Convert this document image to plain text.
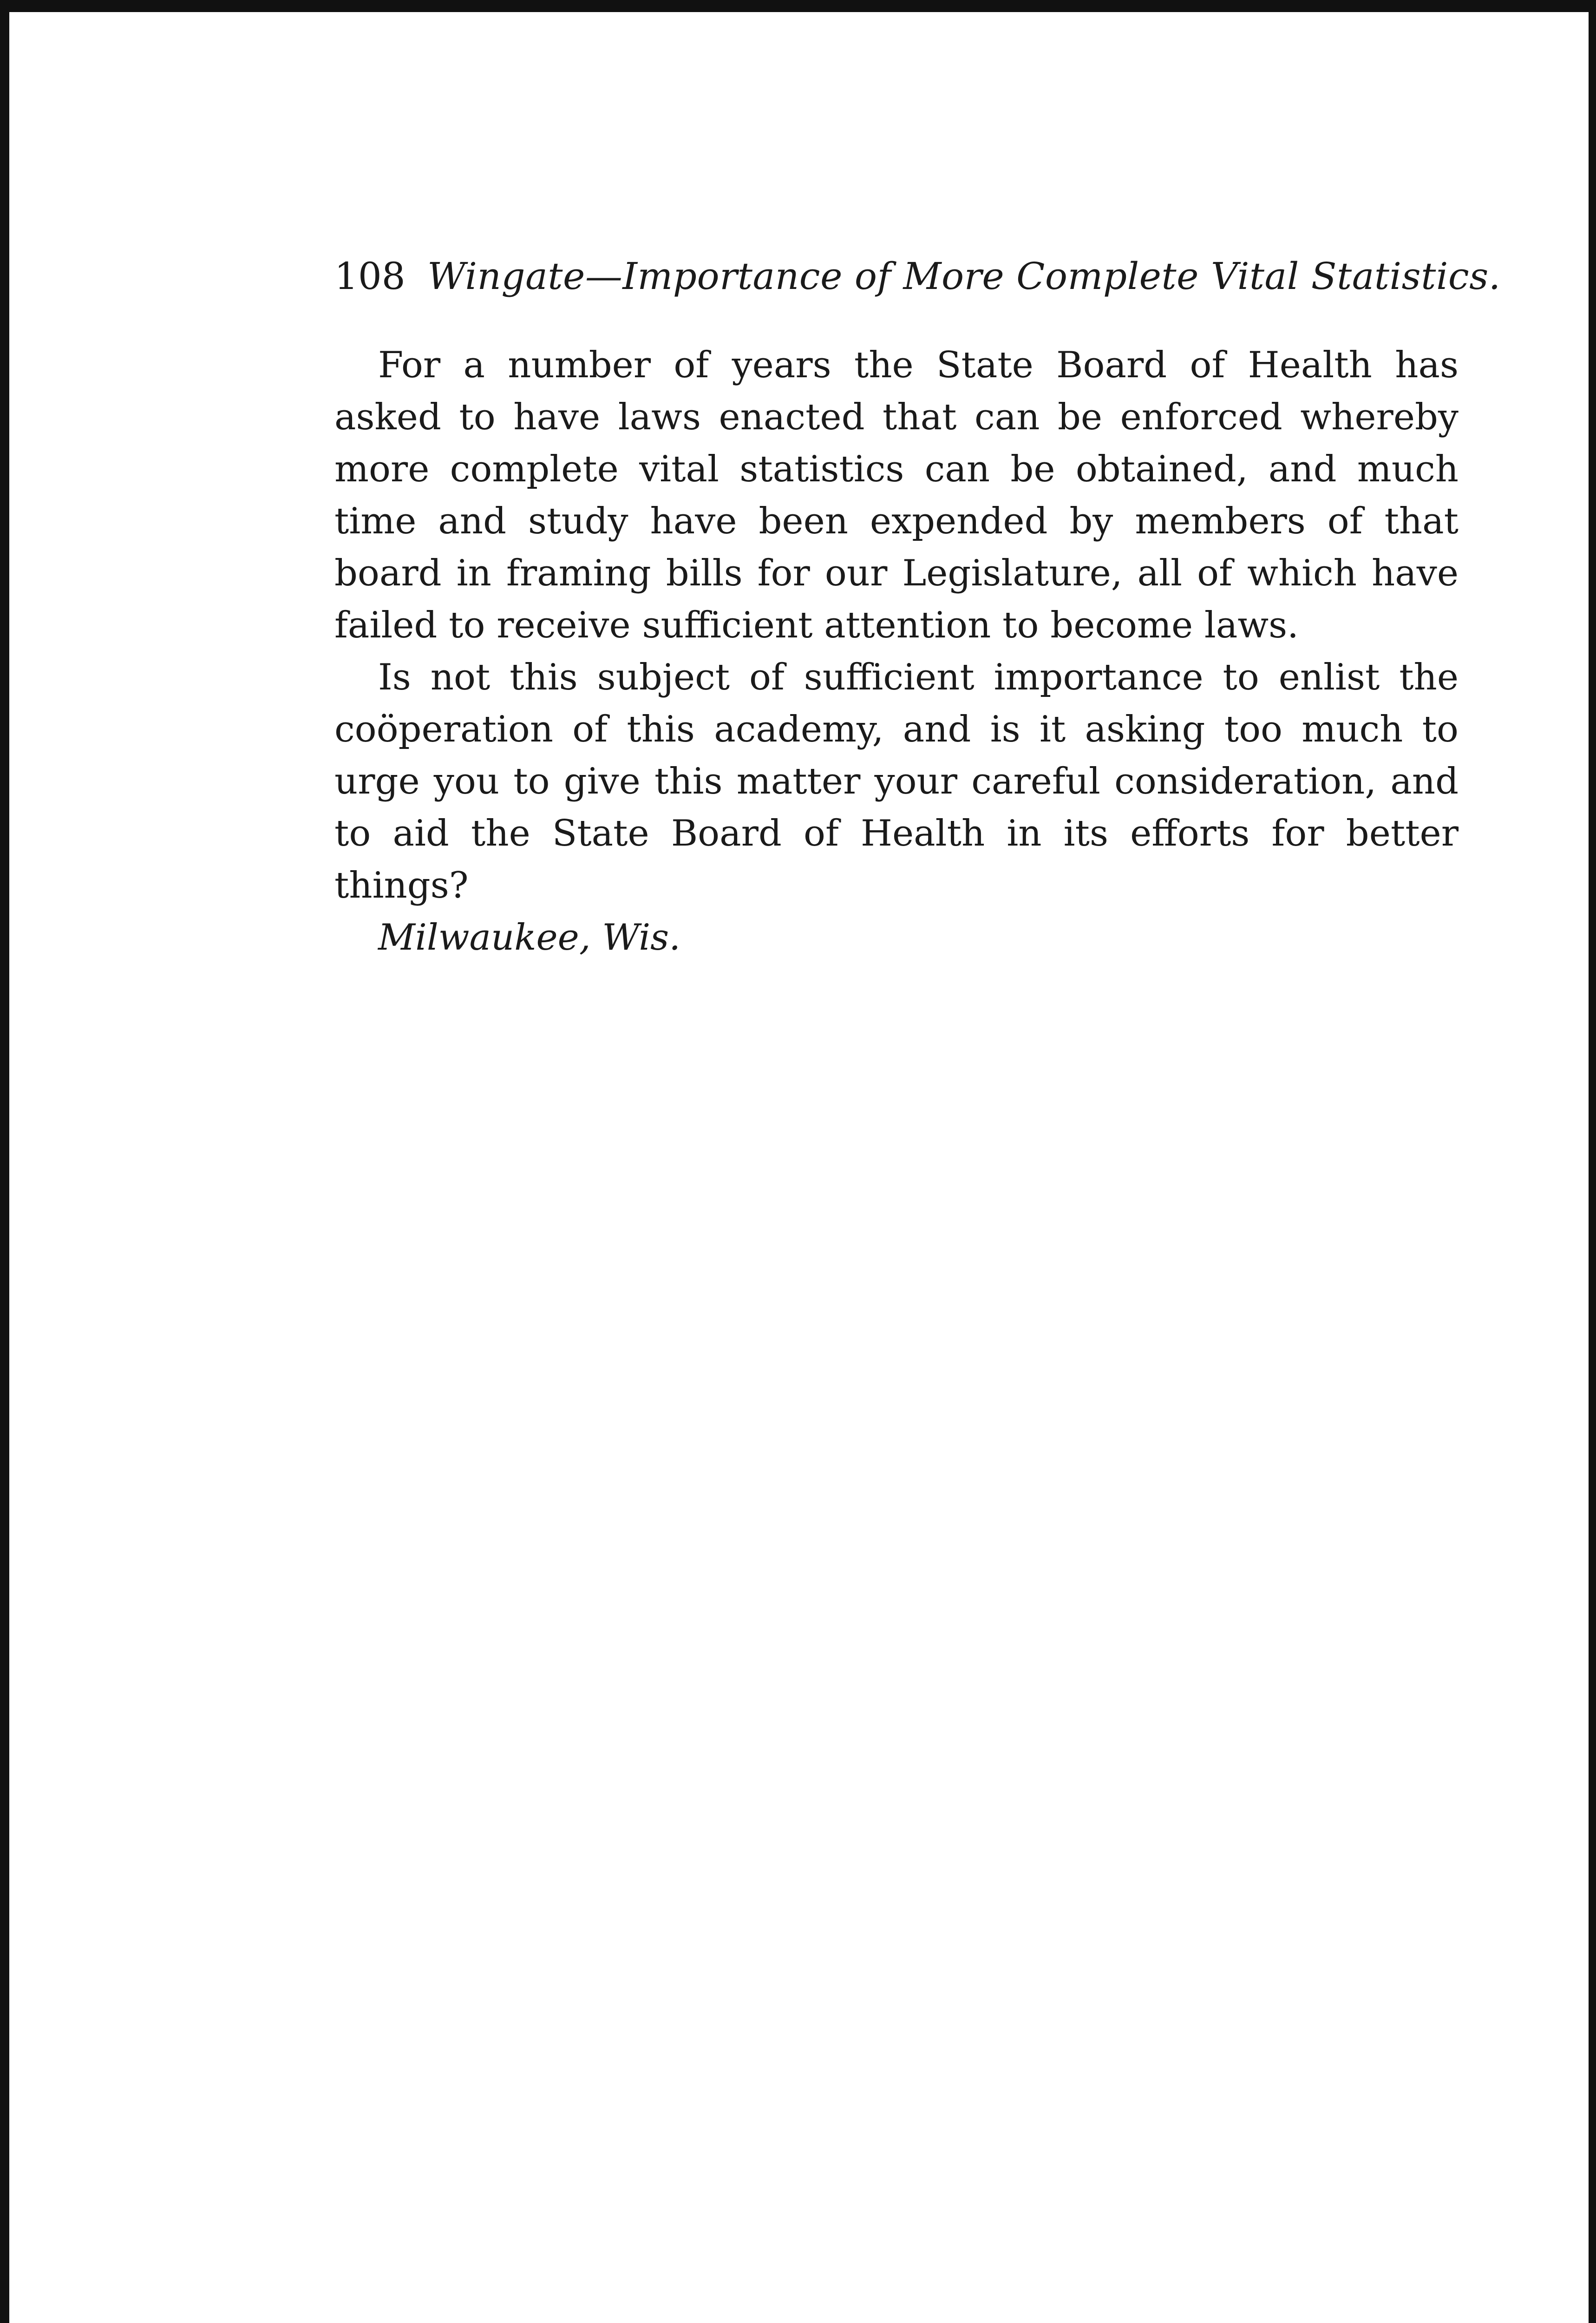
108 Wingate—Importance of More Complete Vital Statistics.

For a number of years the State Board of Health has asked to have laws enacted that can be enforced whereby more complete vital statistics can be obtained, and much time and study have been expended by members of that board in framing bills for our Legislature, all of which have failed to receive sufficient attention to become laws.

Is not this subject of sufficient importance to enlist the coöperation of this academy, and is it asking too much to urge you to give this matter your careful consideration, and to aid the State Board of Health in its efforts for better things?

Milwaukee, Wis.
